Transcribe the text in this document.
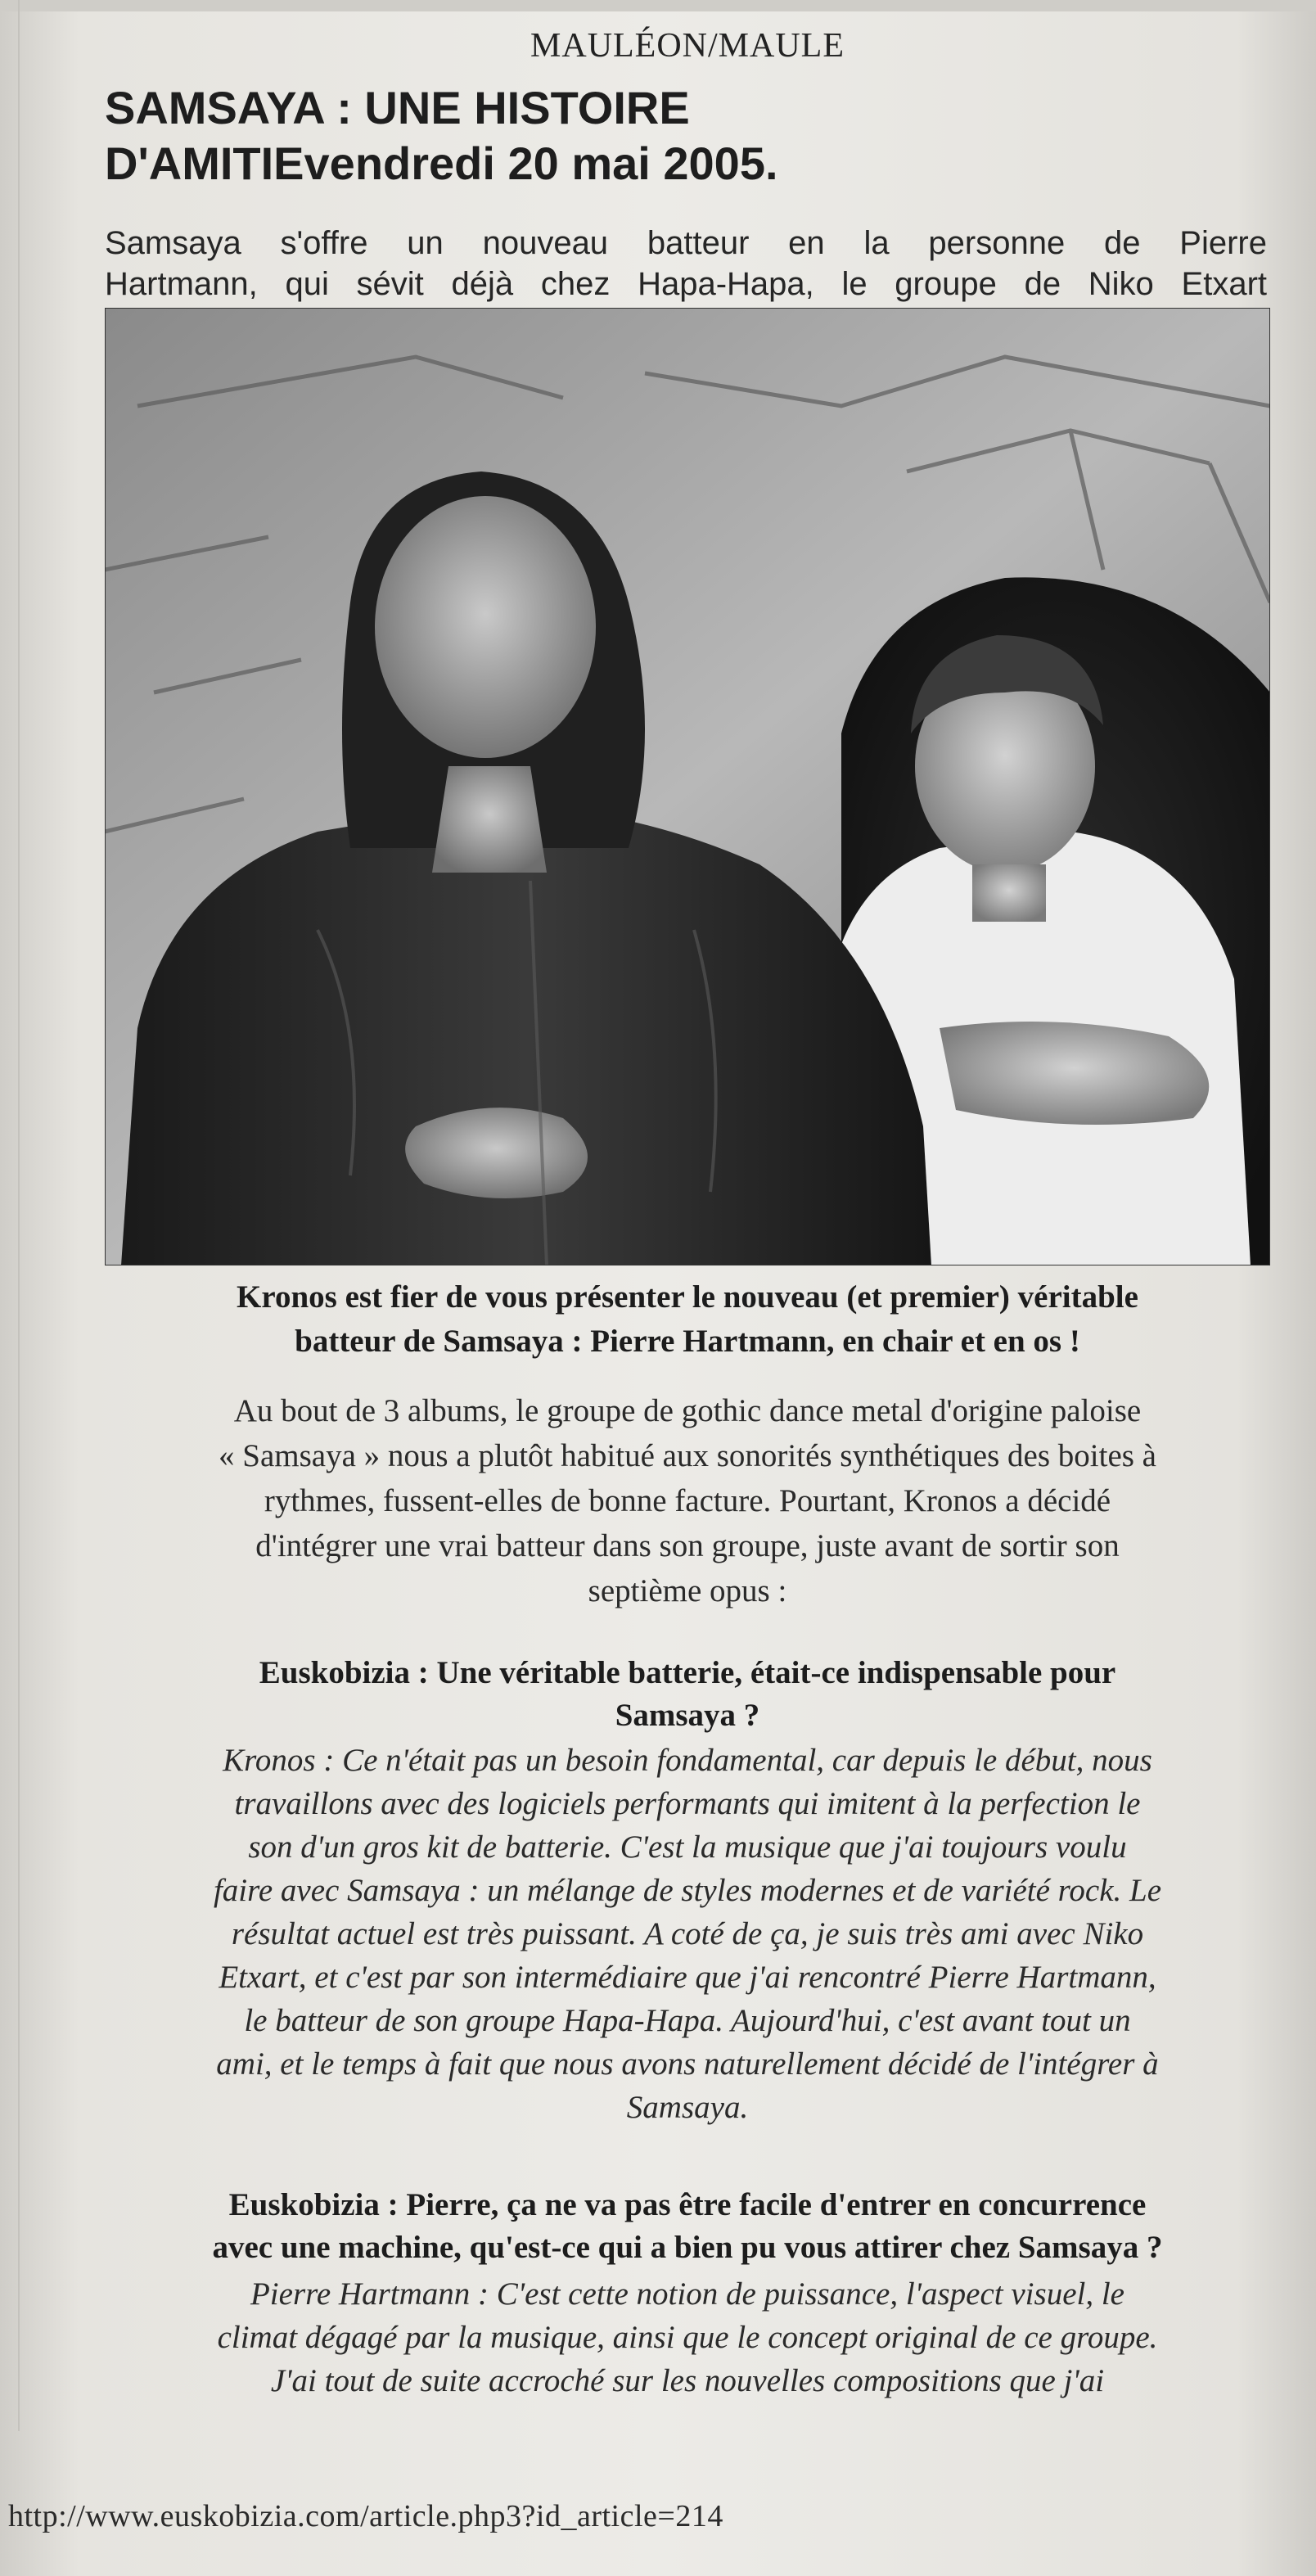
MAULÉON/MAULE
SAMSAYA : UNE HISTOIRE
D'AMITIEvendredi 20 mai 2005.
Samsaya s'offre un nouveau batteur en la personne de Pierre
Hartmann, qui sévit déjà chez Hapa-Hapa, le groupe de Niko Etxart
Kronos est fier de vous présenter le nouveau (et premier) véritable
batteur de Samsaya : Pierre Hartmann, en chair et en os !
Au bout de 3 albums, le groupe de gothic dance metal d'origine paloise
« Samsaya » nous a plutôt habitué aux sonorités synthétiques des boites à
rythmes, fussent-elles de bonne facture. Pourtant, Kronos a décidé
d'intégrer une vrai batteur dans son groupe, juste avant de sortir son
septième opus :
Euskobizia : Une véritable batterie, était-ce indispensable pour
Samsaya ?
Kronos : Ce n'était pas un besoin fondamental, car depuis le début, nous
travaillons avec des logiciels performants qui imitent à la perfection le
son d'un gros kit de batterie. C'est la musique que j'ai toujours voulu
faire avec Samsaya : un mélange de styles modernes et de variété rock. Le
résultat actuel est très puissant. A coté de ça, je suis très ami avec Niko
Etxart, et c'est par son intermédiaire que j'ai rencontré Pierre Hartmann,
le batteur de son groupe Hapa-Hapa. Aujourd'hui, c'est avant tout un
ami, et le temps à fait que nous avons naturellement décidé de l'intégrer à
Samsaya.
Euskobizia : Pierre, ça ne va pas être facile d'entrer en concurrence
avec une machine, qu'est-ce qui a bien pu vous attirer chez Samsaya ?
Pierre Hartmann : C'est cette notion de puissance, l'aspect visuel, le
climat dégagé par la musique, ainsi que le concept original de ce groupe.
J'ai tout de suite accroché sur les nouvelles compositions que j'ai
http://www.euskobizia.com/article.php3?id_article=214
